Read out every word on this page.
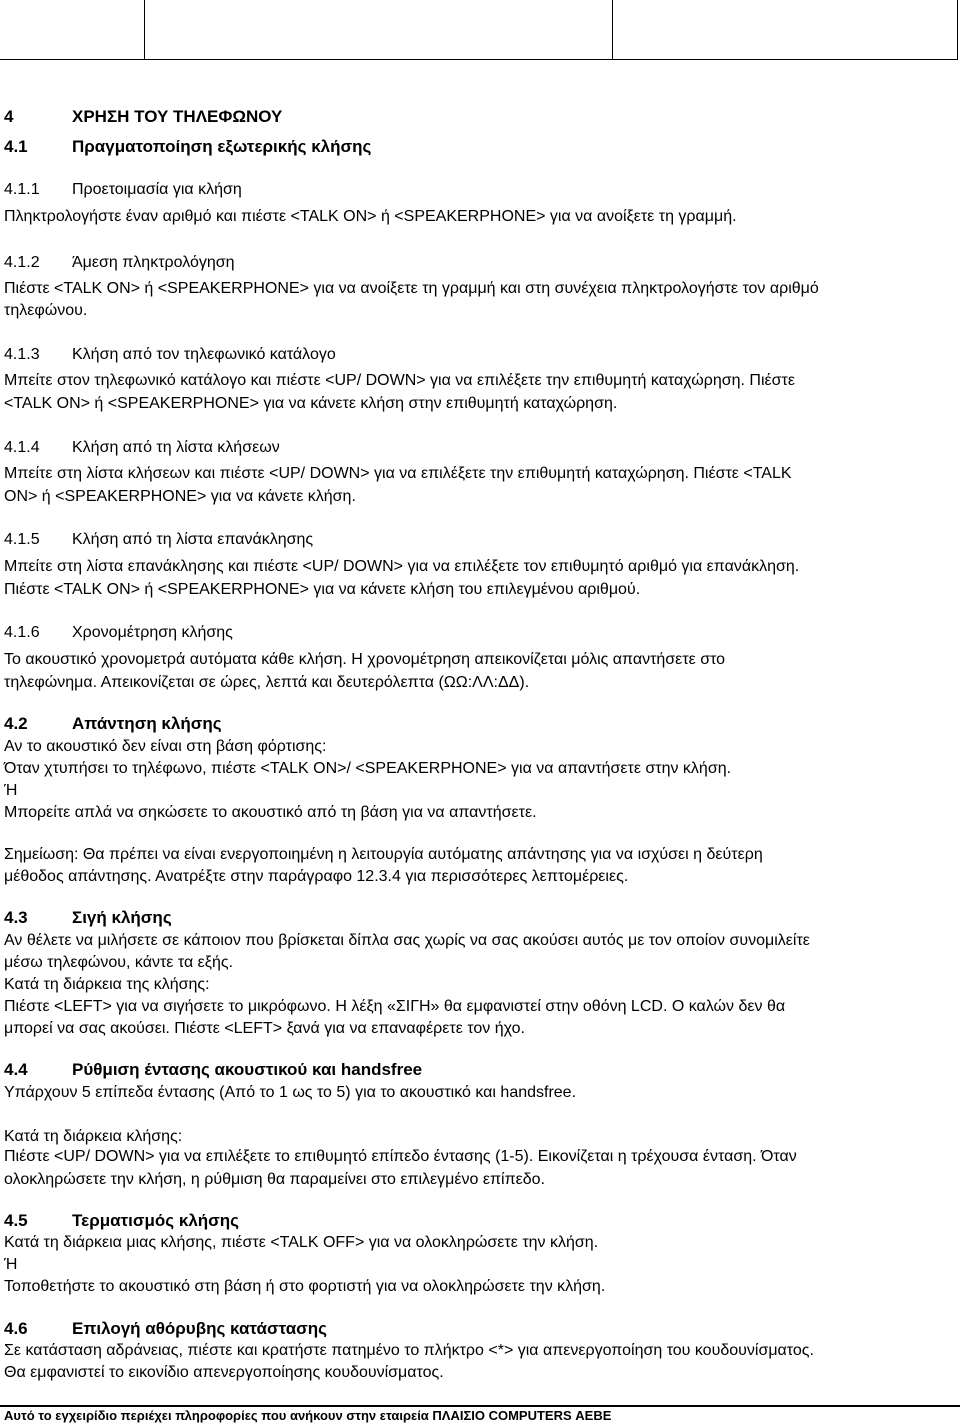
4	ΧΡΗΣΗ ΤΟΥ ΤΗΛΕΦΩΝΟΥ
4.1	Πραγματοποίηση εξωτερικής κλήσης
4.1.1 Προετοιμασία για κλήση
Πληκτρολογήστε έναν αριθμό και πιέστε <TALK ON> ή <SPEAKERPHONE> για να ανοίξετε τη γραμμή.
4.1.2 Άμεση πληκτρολόγηση
Πιέστε <TALK ON> ή <SPEAKERPHONE> για να ανοίξετε τη γραμμή και στη συνέχεια πληκτρολογήστε τον αριθμό
τηλεφώνου.
4.1.3 Κλήση από τον τηλεφωνικό κατάλογο
Μπείτε στον τηλεφωνικό κατάλογο και πιέστε <UP/ DOWN> για να επιλέξετε την επιθυμητή καταχώρηση. Πιέστε
<TALK ON> ή <SPEAKERPHONE> για να κάνετε κλήση στην επιθυμητή καταχώρηση.
4.1.4 Κλήση από τη λίστα κλήσεων
Μπείτε στη λίστα κλήσεων και πιέστε <UP/ DOWN> για να επιλέξετε την επιθυμητή καταχώρηση. Πιέστε <TALK
ON> ή <SPEAKERPHONE> για να κάνετε κλήση.
4.1.5 Κλήση από τη λίστα επανάκλησης
Μπείτε στη λίστα επανάκλησης και πιέστε <UP/ DOWN> για να επιλέξετε τον επιθυμητό αριθμό για επανάκληση.
Πιέστε <TALK ON> ή <SPEAKERPHONE> για να κάνετε κλήση του επιλεγμένου αριθμού.
4.1.6 Χρονομέτρηση κλήσης
Το ακουστικό χρονομετρά αυτόματα κάθε κλήση. Η χρονομέτρηση απεικονίζεται μόλις απαντήσετε στο
τηλεφώνημα. Απεικονίζεται σε ώρες, λεπτά και δευτερόλεπτα (ΩΩ:ΛΛ:ΔΔ).
4.2	Απάντηση κλήσης
Αν το ακουστικό δεν είναι στη βάση φόρτισης:
Όταν χτυπήσει το τηλέφωνο, πιέστε <TALK ON>/ <SPEAKERPHONE> για να απαντήσετε στην κλήση.
Ή
Μπορείτε απλά να σηκώσετε το ακουστικό από τη βάση για να απαντήσετε.
Σημείωση: Θα πρέπει να είναι ενεργοποιημένη η λειτουργία αυτόματης απάντησης για να ισχύσει η δεύτερη
μέθοδος απάντησης. Ανατρέξτε στην παράγραφο 12.3.4 για περισσότερες λεπτομέρειες.
4.3	Σιγή κλήσης
Αν θέλετε να μιλήσετε σε κάποιον που βρίσκεται δίπλα σας χωρίς να σας ακούσει αυτός με τον οποίον συνομιλείτε
μέσω τηλεφώνου, κάντε τα εξής.
Κατά τη διάρκεια της κλήσης:
Πιέστε <LEFT> για να σιγήσετε το μικρόφωνο. Η λέξη «ΣΙΓΗ» θα εμφανιστεί στην οθόνη LCD. Ο καλών δεν θα
μπορεί να σας ακούσει. Πιέστε <LEFT> ξανά για να επαναφέρετε τον ήχο.
4.4	Ρύθμιση έντασης ακουστικού και handsfree
Υπάρχουν 5 επίπεδα έντασης (Από το 1 ως το 5) για το ακουστικό και handsfree.
Κατά τη διάρκεια κλήσης:
Πιέστε <UP/ DOWN> για να επιλέξετε το επιθυμητό επίπεδο έντασης (1-5). Εικονίζεται η τρέχουσα ένταση. Όταν
ολοκληρώσετε την κλήση, η ρύθμιση θα παραμείνει στο επιλεγμένο επίπεδο.
4.5	Τερματισμός κλήσης
Κατά τη διάρκεια μιας κλήσης, πιέστε <TALK OFF> για να ολοκληρώσετε την κλήση.
Ή
Τοποθετήστε το ακουστικό στη βάση ή στο φορτιστή για να ολοκληρώσετε την κλήση.
4.6	Επιλογή αθόρυβης κατάστασης
Σε κατάσταση αδράνειας, πιέστε και κρατήστε πατημένο το πλήκτρο <*> για απενεργοποίηση του κουδουνίσματος.
Θα εμφανιστεί το εικονίδιο απενεργοποίησης κουδουνίσματος.
Αυτό το εγχειρίδιο περιέχει πληροφορίες που ανήκουν στην εταιρεία ΠΛΑΙΣΙΟ COMPUTERS ΑΕΒΕ
